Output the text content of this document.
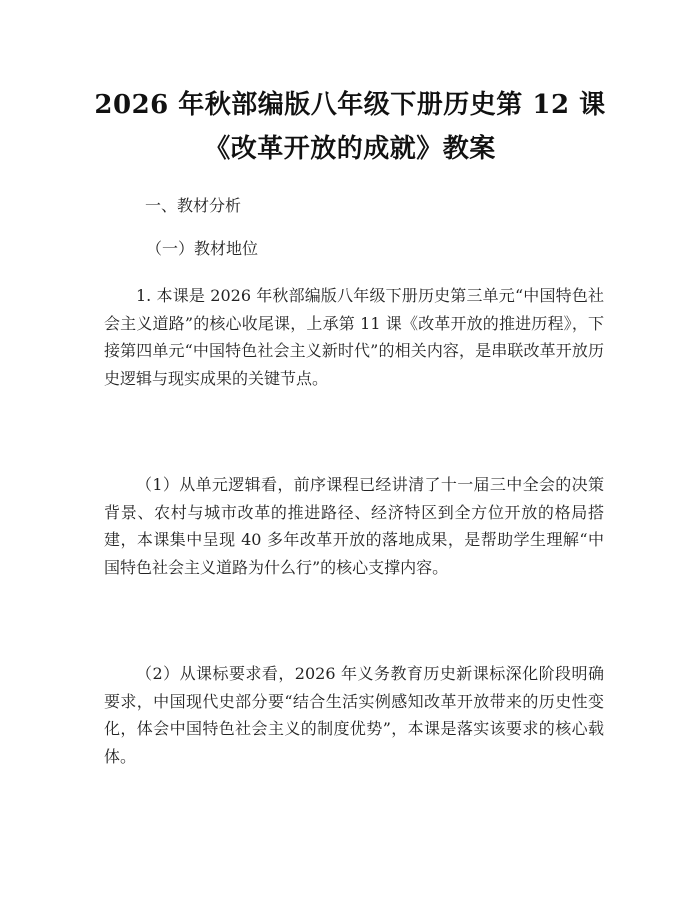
2026 年秋部编版八年级下册历史第 12 课
《改革开放的成就》教案
一、教材分析
（一）教材地位

1. 本课是 2026 年秋部编版八年级下册历史第三单元“中国特色社会主义道路”的核心收尾课，上承第 11 课《改革开放的推进历程》，下接第四单元“中国特色社会主义新时代”的相关内容，是串联改革开放历史逻辑与现实成果的关键节点。

（1）从单元逻辑看，前序课程已经讲清了十一届三中全会的决策背景、农村与城市改革的推进路径、经济特区到全方位开放的格局搭建，本课集中呈现 40 多年改革开放的落地成果，是帮助学生理解“中国特色社会主义道路为什么行”的核心支撑内容。

（2）从课标要求看，2026 年义务教育历史新课标深化阶段明确要求，中国现代史部分要“结合生活实例感知改革开放带来的历史性变化，体会中国特色社会主义的制度优势”，本课是落实该要求的核心载体。
